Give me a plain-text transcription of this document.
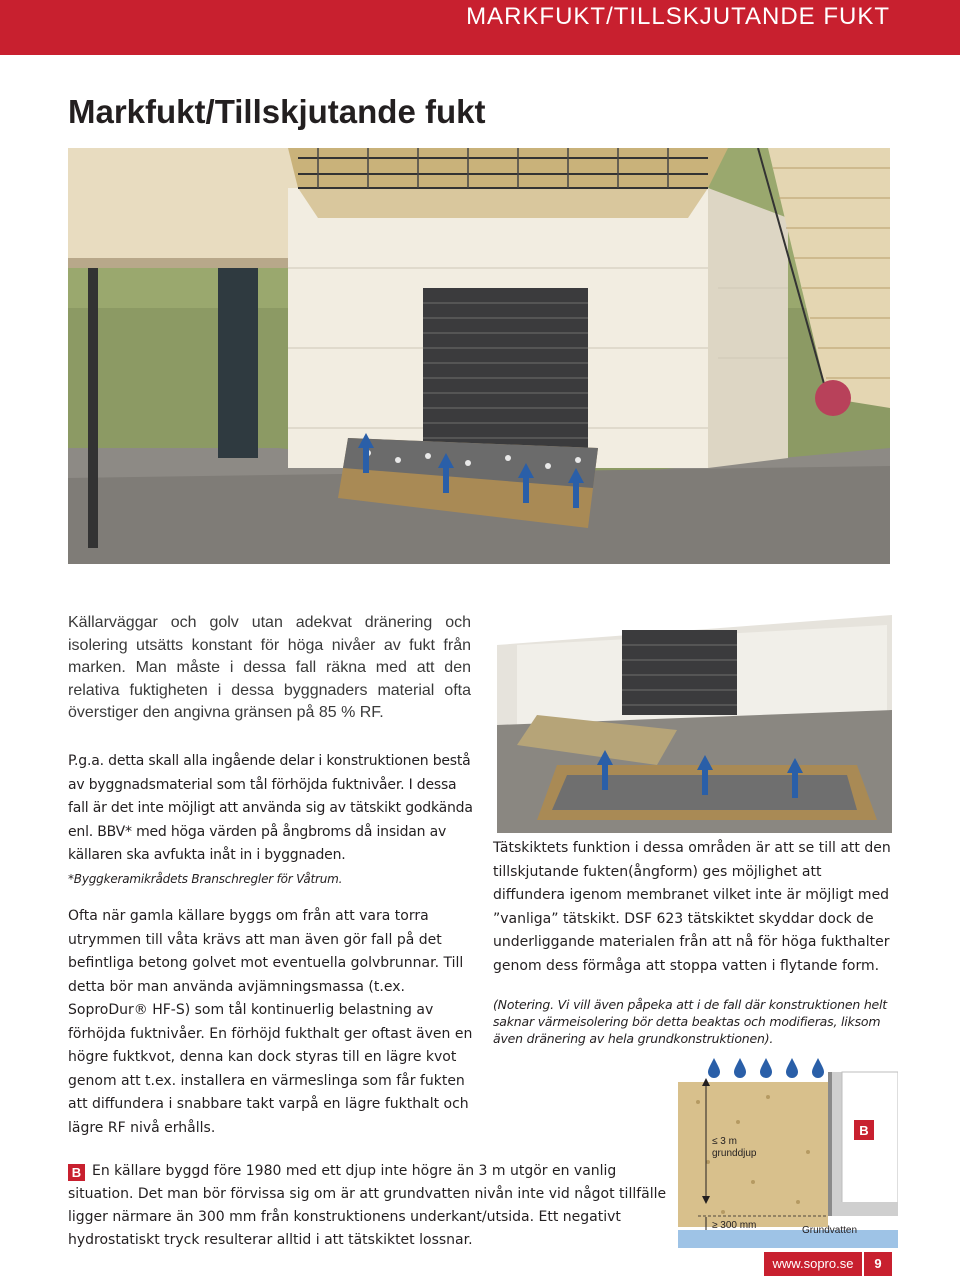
MARKFUKT/TILLSKJUTANDE FUKT
Markfukt/Tillskjutande fukt

Källarväggar och golv utan adekvat dränering och isolering utsätts konstant för höga nivåer av fukt från marken. Man måste i dessa fall räkna med att den relativa fuktigheten i dessa byggnaders material ofta överstiger den angivna gränsen på 85 % RF.

P.g.a. detta skall alla ingående delar i konstruktionen bestå av byggnadsmaterial som tål förhöjda fuktnivåer. I dessa fall är det inte möjligt att använda sig av tätskikt godkända enl. BBV* med höga värden på ångbroms då insidan av källaren ska avfukta inåt in i byggnaden.
*Byggkeramikrådets Branschregler för Våtrum.

Ofta när gamla källare byggs om från att vara torra utrymmen till våta krävs att man även gör fall på det befintliga betong golvet mot eventuella golvbrunnar. Till detta bör man använda avjämningsmassa (t.ex. SoproDur® HF-S) som tål kontinuerlig belastning av förhöjda fuktnivåer. En förhöjd fukthalt ger oftast även en högre fuktkvot, denna kan dock styras till en lägre kvot genom att t.ex. installera en värmeslinga som får fukten att diffundera i snabbare takt varpå en lägre fukthalt och lägre RF nivå erhålls.

Tätskiktets funktion i dessa områden är att se till att den tillskjutande fukten(ångform) ges möjlighet att diffundera igenom membranet vilket inte är möjligt med ”vanliga” tätskikt. DSF 623 tätskiktet skyddar dock de underliggande materialen från att nå för höga fukthalter genom dess förmåga att stoppa vatten i flytande form.

(Notering. Vi vill även påpeka att i de fall där konstruktionen helt saknar värmeisolering bör detta beaktas och modifieras, liksom även dränering av hela grundkonstruktionen).

B En källare byggd före 1980 med ett djup inte högre än 3 m utgör en vanlig situation. Det man bör förvissa sig om är att grundvatten nivån inte vid något tillfälle ligger närmare än 300 mm från konstruktionens underkant/utsida. Ett negativt hydrostatiskt tryck resulterar alltid i att tätskiktet lossnar.

B
≤ 3 m
grunddjup
≥ 300 mm	Grundvatten
www.sopro.se	9
